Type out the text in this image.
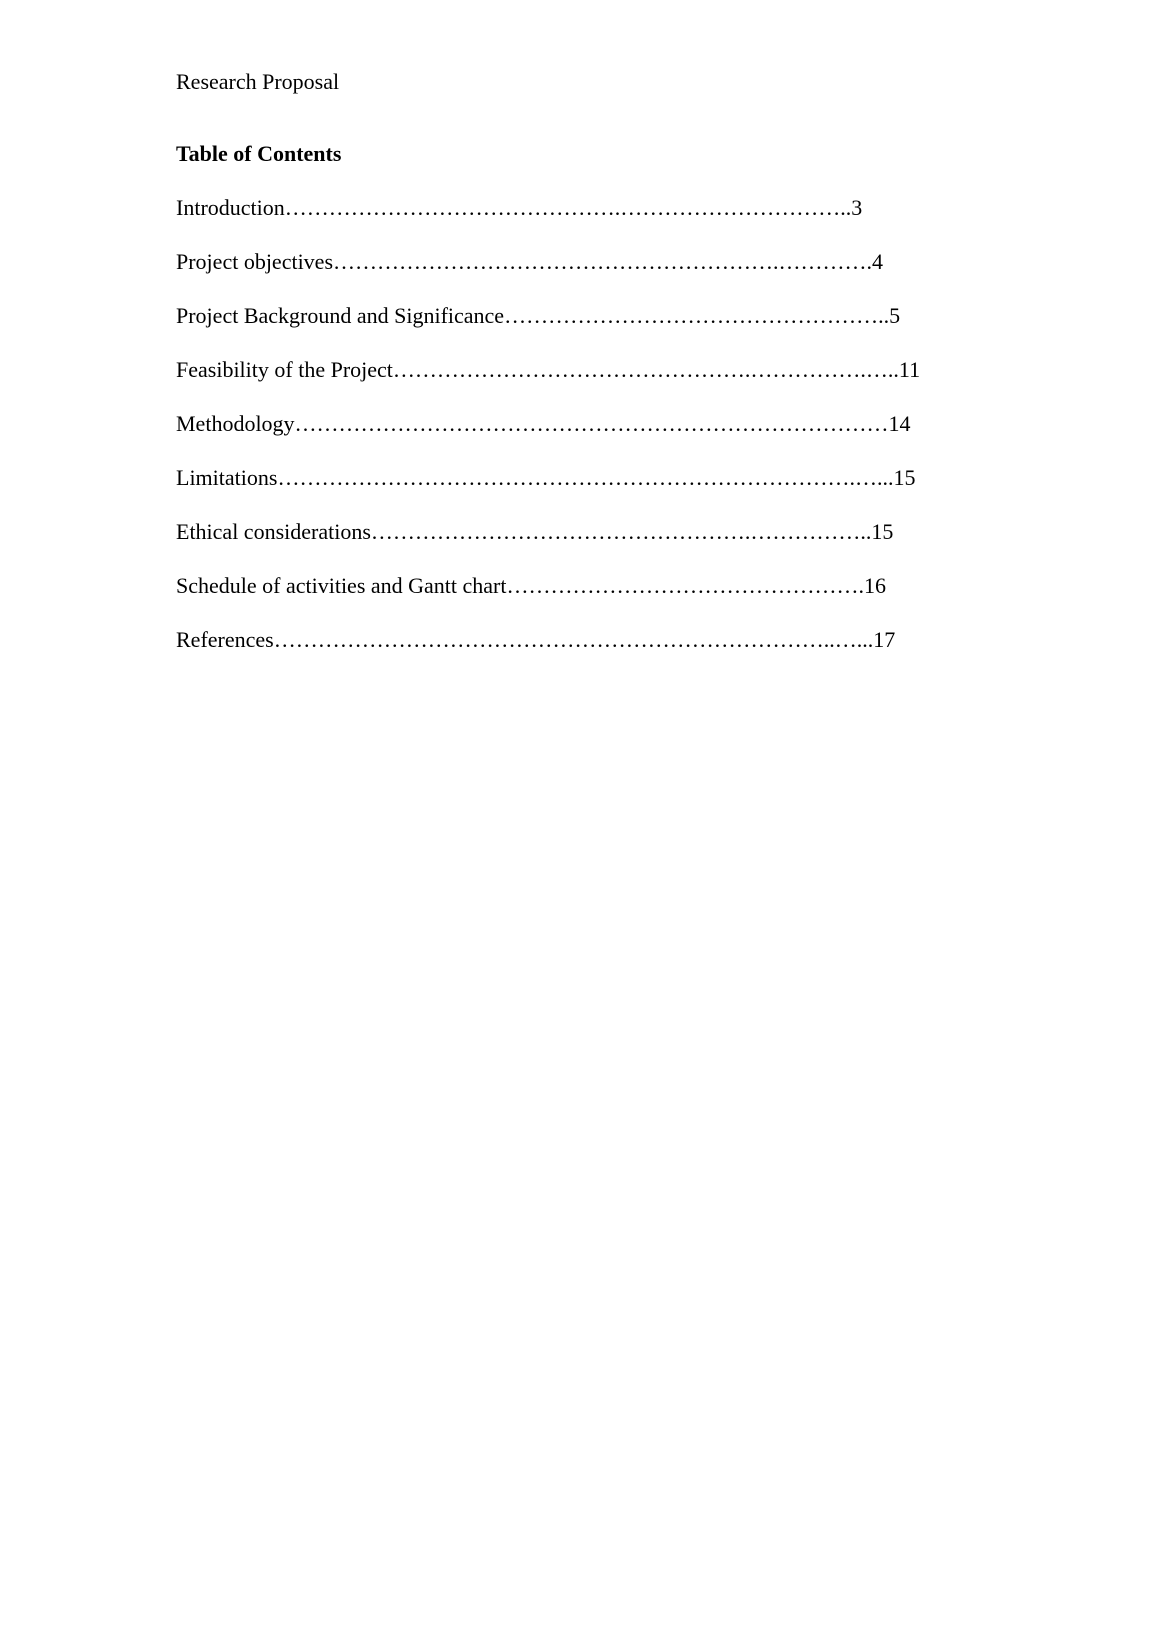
Research Proposal
Table of Contents
Introduction……………………………………….…………………………..3
Project objectives…………………………………………………….………….4
Project Background and Significance……………………………………………..5
Feasibility of the Project………………………………………….…………….…..11
Methodology………………………………………………………………………14
Limitations…………………………………………………………………….…...15
Ethical considerations…………………………………………….……………..15
Schedule of activities and Gantt chart………………………………………….16
References…………………………………………………………………..…...17
